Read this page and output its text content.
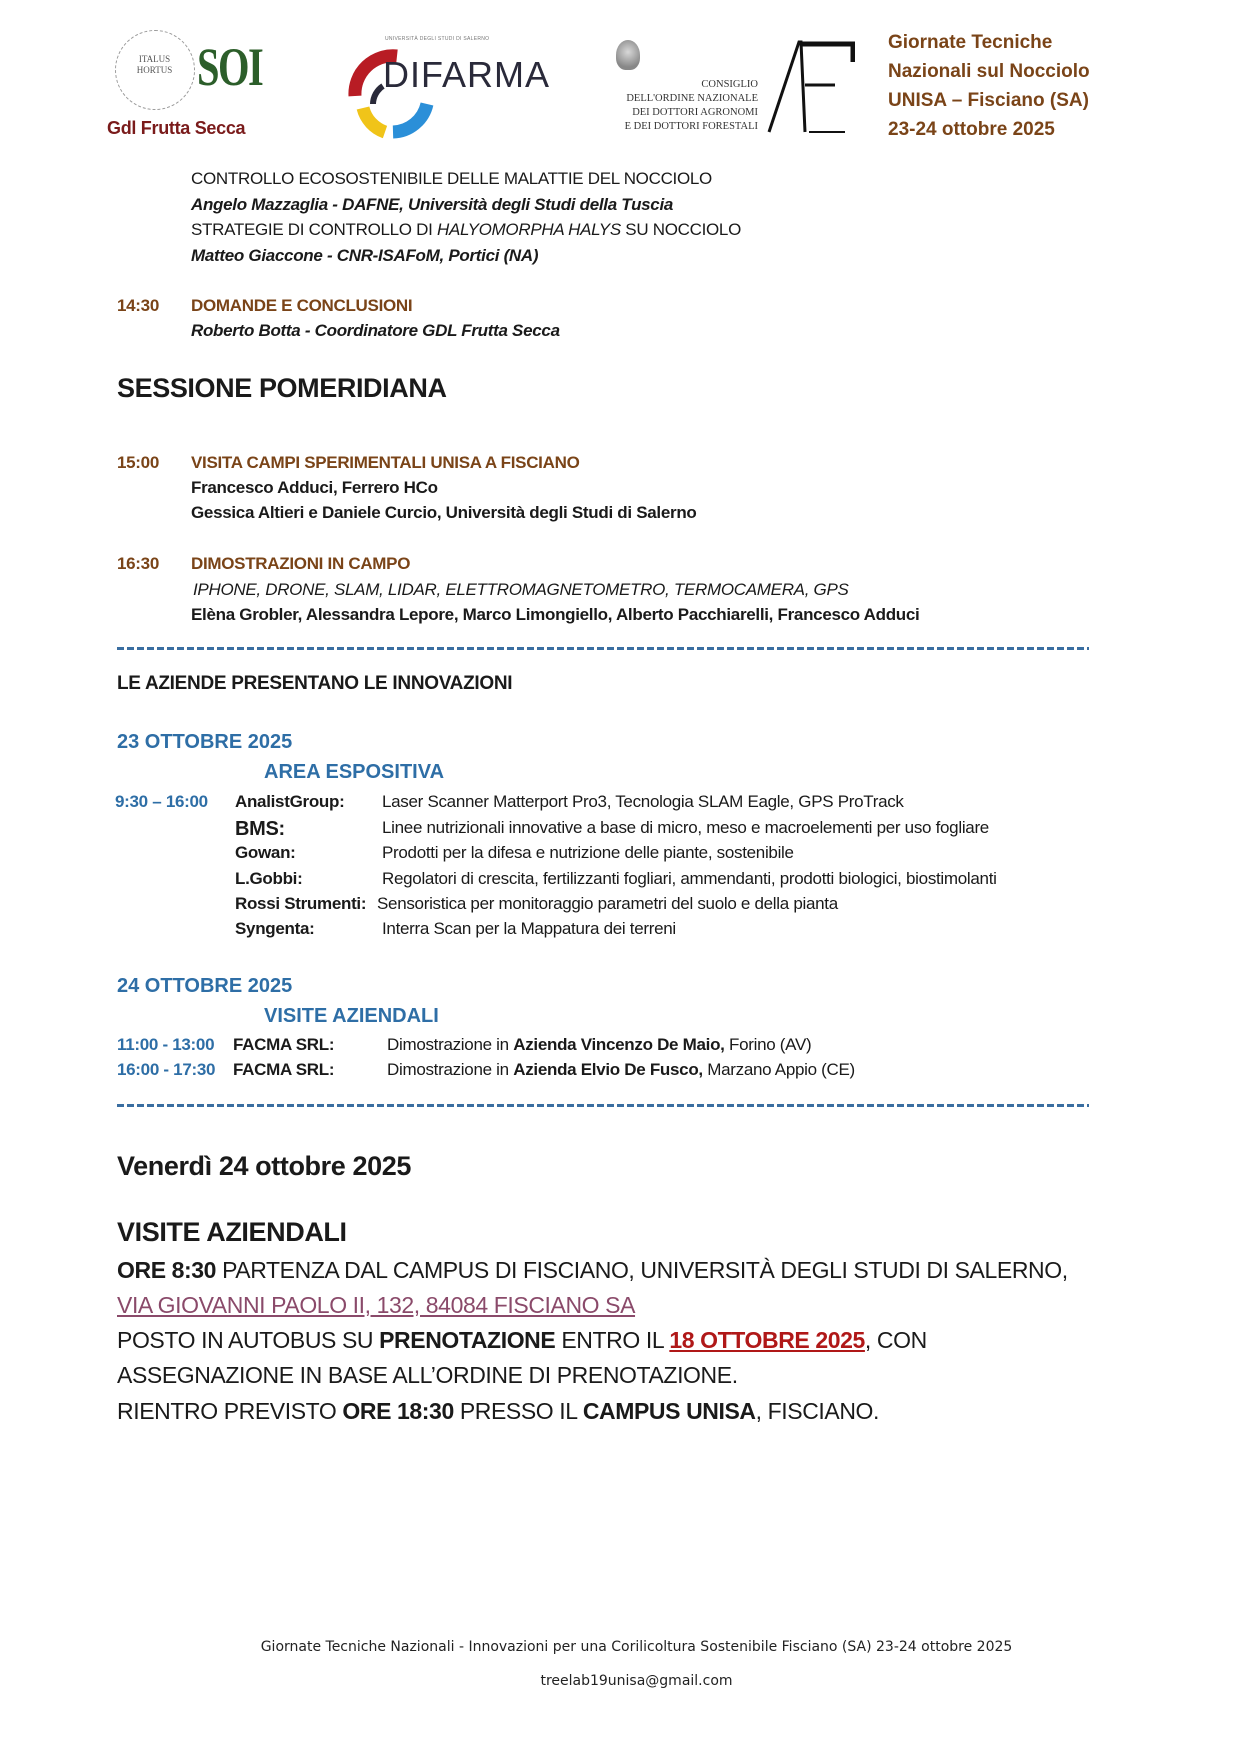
ITALUS HORTUS SOI
Gdl Frutta Secca
UNIVERSITÀ DEGLI STUDI DI SALERNO
DIFARMA	CONSIGLIO
DELL'ORDINE NAZIONALE
DEI DOTTORI AGRONOMI
E DEI DOTTORI FORESTALI
Giornate Tecniche
Nazionali sul Nocciolo
UNISA – Fisciano (SA)
23-24 ottobre 2025
CONTROLLO ECOSOSTENIBILE DELLE MALATTIE DEL NOCCIOLO
Angelo Mazzaglia - DAFNE, Università degli Studi della Tuscia
STRATEGIE DI CONTROLLO DI HALYOMORPHA HALYS SU NOCCIOLO
Matteo Giaccone - CNR-ISAFoM, Portici (NA)
14:30 DOMANDE E CONCLUSIONI
Roberto Botta - Coordinatore GDL Frutta Secca
SESSIONE POMERIDIANA
15:00 VISITA CAMPI SPERIMENTALI UNISA A FISCIANO
Francesco Adduci, Ferrero HCo
Gessica Altieri e Daniele Curcio, Università degli Studi di Salerno
16:30 DIMOSTRAZIONI IN CAMPO
IPHONE, DRONE, SLAM, LIDAR, ELETTROMAGNETOMETRO, TERMOCAMERA, GPS
Elèna Grobler, Alessandra Lepore, Marco Limongiello, Alberto Pacchiarelli, Francesco Adduci
LE AZIENDE PRESENTANO LE INNOVAZIONI
23 OTTOBRE 2025
AREA ESPOSITIVA
9:30 – 16:00 AnalistGroup: Laser Scanner Matterport Pro3, Tecnologia SLAM Eagle, GPS ProTrack
BMS:	Linee nutrizionali innovative a base di micro, meso e macroelementi per uso fogliare
Gowan:	Prodotti per la difesa e nutrizione delle piante, sostenibile
L.Gobbi:	Regolatori di crescita, fertilizzanti fogliari, ammendanti, prodotti biologici, biostimolanti
Rossi Strumenti: Sensoristica per monitoraggio parametri del suolo e della pianta
Syngenta:	Interra Scan per la Mappatura dei terreni
24 OTTOBRE 2025
VISITE AZIENDALI
11:00 - 13:00 FACMA SRL:	Dimostrazione in Azienda Vincenzo De Maio, Forino (AV)
16:00 - 17:30 FACMA SRL:	Dimostrazione in Azienda Elvio De Fusco, Marzano Appio (CE)
Venerdì 24 ottobre 2025
VISITE AZIENDALI
ORE 8:30 PARTENZA DAL CAMPUS DI FISCIANO, UNIVERSITÀ DEGLI STUDI DI SALERNO,
VIA GIOVANNI PAOLO II, 132, 84084 FISCIANO SA
POSTO IN AUTOBUS SU PRENOTAZIONE ENTRO IL 18 OTTOBRE 2025, CON
ASSEGNAZIONE IN BASE ALL’ORDINE DI PRENOTAZIONE.
RIENTRO PREVISTO ORE 18:30 PRESSO IL CAMPUS UNISA, FISCIANO.
Giornate Tecniche Nazionali - Innovazioni per una Corilicoltura Sostenibile Fisciano (SA) 23-24 ottobre 2025
treelab19unisa@gmail.com
